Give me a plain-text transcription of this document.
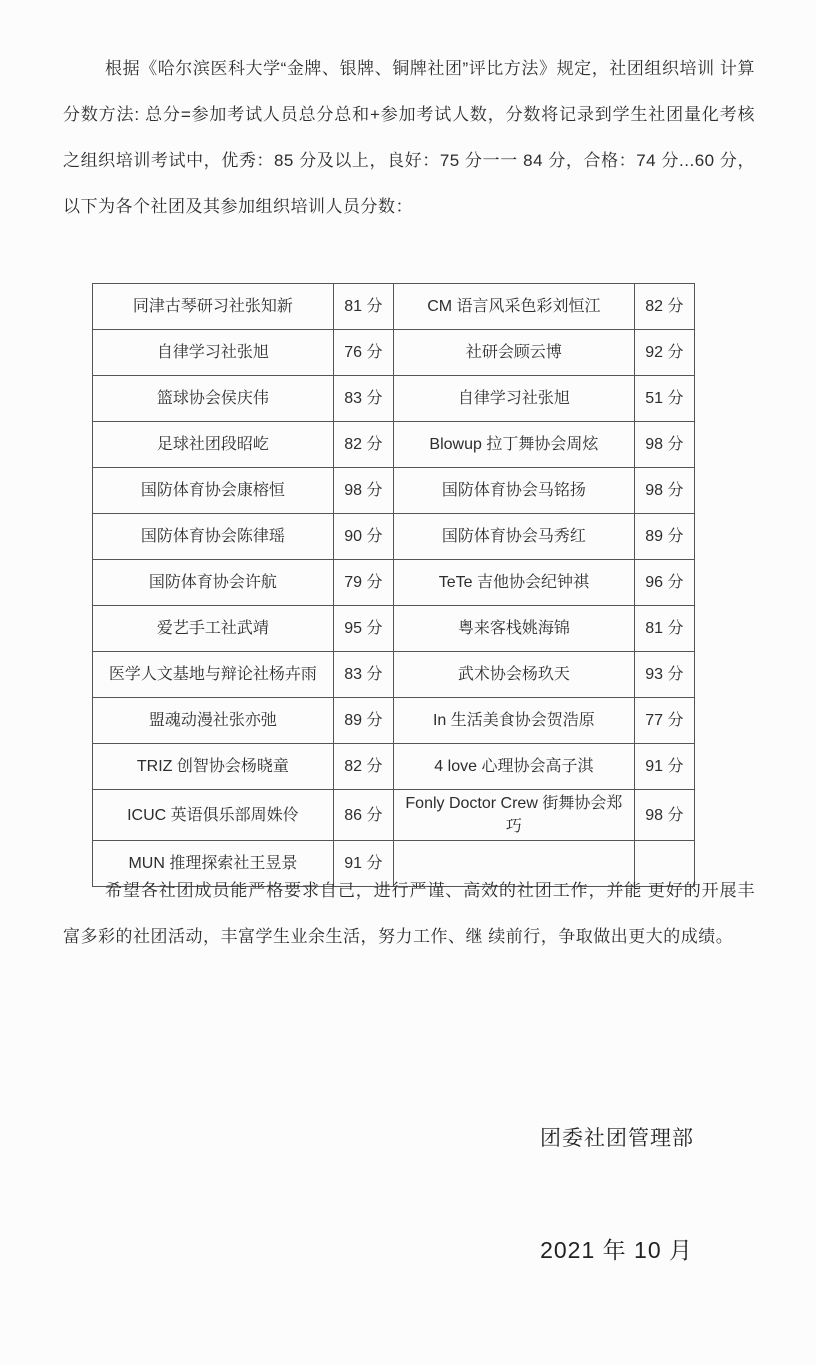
根据《哈尔滨医科大学“金牌、银牌、铜牌社团”评比方法》规定，社团组织培训 计算分数方法: 总分=参加考试人员总分总和+参加考试人数，分数将记录到学生社团量化考核之组织培训考试中，优秀：85 分及以上，良好：75 分一一 84 分，合格：74 分...60 分，以下为各个社团及其参加组织培训人员分数：

同津古琴研习社张知新	81 分	CM 语言风采色彩刘恒江	82 分
自律学习社张旭	76 分	社研会顾云博	92 分
篮球协会侯庆伟	83 分	自律学习社张旭	51 分
足球社团段昭屹	82 分	Blowup 拉丁舞协会周炫	98 分
国防体育协会康榕恒	98 分	国防体育协会马铭扬	98 分
国防体育协会陈律瑶	90 分	国防体育协会马秀红	89 分
国防体育协会许航	79 分	TeTe 吉他协会纪钟祺	96 分
爱艺手工社武靖	95 分	粤来客栈姚海锦	81 分
医学人文基地与辩论社杨卉雨	83 分	武术协会杨玖天	93 分
盟魂动漫社张亦弛	89 分	In 生活美食协会贺浩原	77 分
TRIZ 创智协会杨晓童	82 分	4 love 心理协会高子淇	91 分
ICUC 英语俱乐部周姝伶	86 分	Fonly Doctor Crew 街舞协会郑巧	98 分
MUN 推理探索社王昱景	91 分		

希望各社团成员能严格要求自己，进行严谨、高效的社团工作，并能 更好的开展丰富多彩的社团活动，丰富学生业余生活，努力工作、继 续前行，争取做出更大的成绩。

团委社团管理部
2021 年 10 月
